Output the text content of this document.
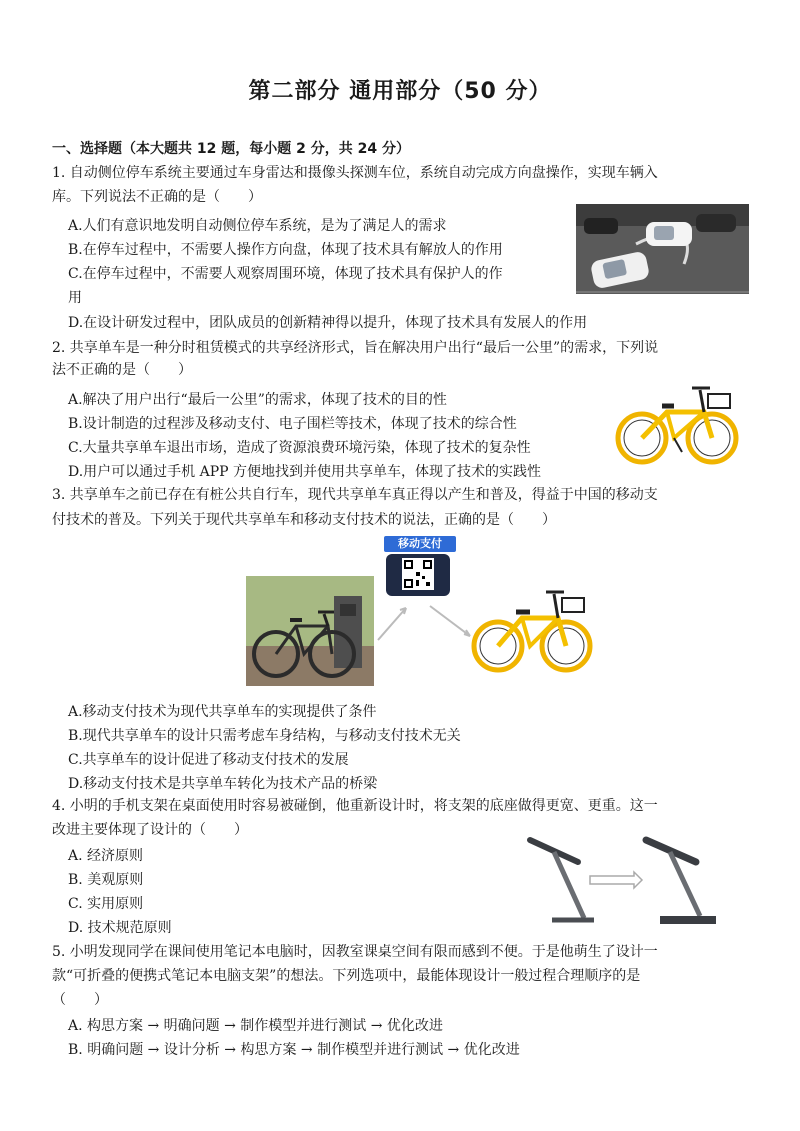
第二部分 通用部分（50 分）
一、选择题（本大题共 12 题，每小题 2 分，共 24 分）
1. 自动侧位停车系统主要通过车身雷达和摄像头探测车位，系统自动完成方向盘操作，实现车辆入
库。下列说法不正确的是（　　）
A.人们有意识地发明自动侧位停车系统，是为了满足人的需求
B.在停车过程中，不需要人操作方向盘，体现了技术具有解放人的作用
C.在停车过程中，不需要人观察周围环境，体现了技术具有保护人的作
用
D.在设计研发过程中，团队成员的创新精神得以提升，体现了技术具有发展人的作用
2. 共享单车是一种分时租赁模式的共享经济形式，旨在解决用户出行“最后一公里”的需求，下列说
法不正确的是（　　）
A.解决了用户出行“最后一公里”的需求，体现了技术的目的性
B.设计制造的过程涉及移动支付、电子围栏等技术，体现了技术的综合性
C.大量共享单车退出市场，造成了资源浪费环境污染，体现了技术的复杂性
D.用户可以通过手机 APP 方便地找到并使用共享单车，体现了技术的实践性
3. 共享单车之前已存在有桩公共自行车，现代共享单车真正得以产生和普及，得益于中国的移动支
付技术的普及。下列关于现代共享单车和移动支付技术的说法，正确的是（　　）
移动支付
A.移动支付技术为现代共享单车的实现提供了条件
B.现代共享单车的设计只需考虑车身结构，与移动支付技术无关
C.共享单车的设计促进了移动支付技术的发展
D.移动支付技术是共享单车转化为技术产品的桥梁
4. 小明的手机支架在桌面使用时容易被碰倒，他重新设计时，将支架的底座做得更宽、更重。这一
改进主要体现了设计的（　　）
A. 经济原则
B. 美观原则
C. 实用原则
D. 技术规范原则
5. 小明发现同学在课间使用笔记本电脑时，因教室课桌空间有限而感到不便。于是他萌生了设计一
款“可折叠的便携式笔记本电脑支架”的想法。下列选项中，最能体现设计一般过程合理顺序的是
（　　）
A. 构思方案 → 明确问题 → 制作模型并进行测试 → 优化改进
B. 明确问题 → 设计分析 → 构思方案 → 制作模型并进行测试 → 优化改进
